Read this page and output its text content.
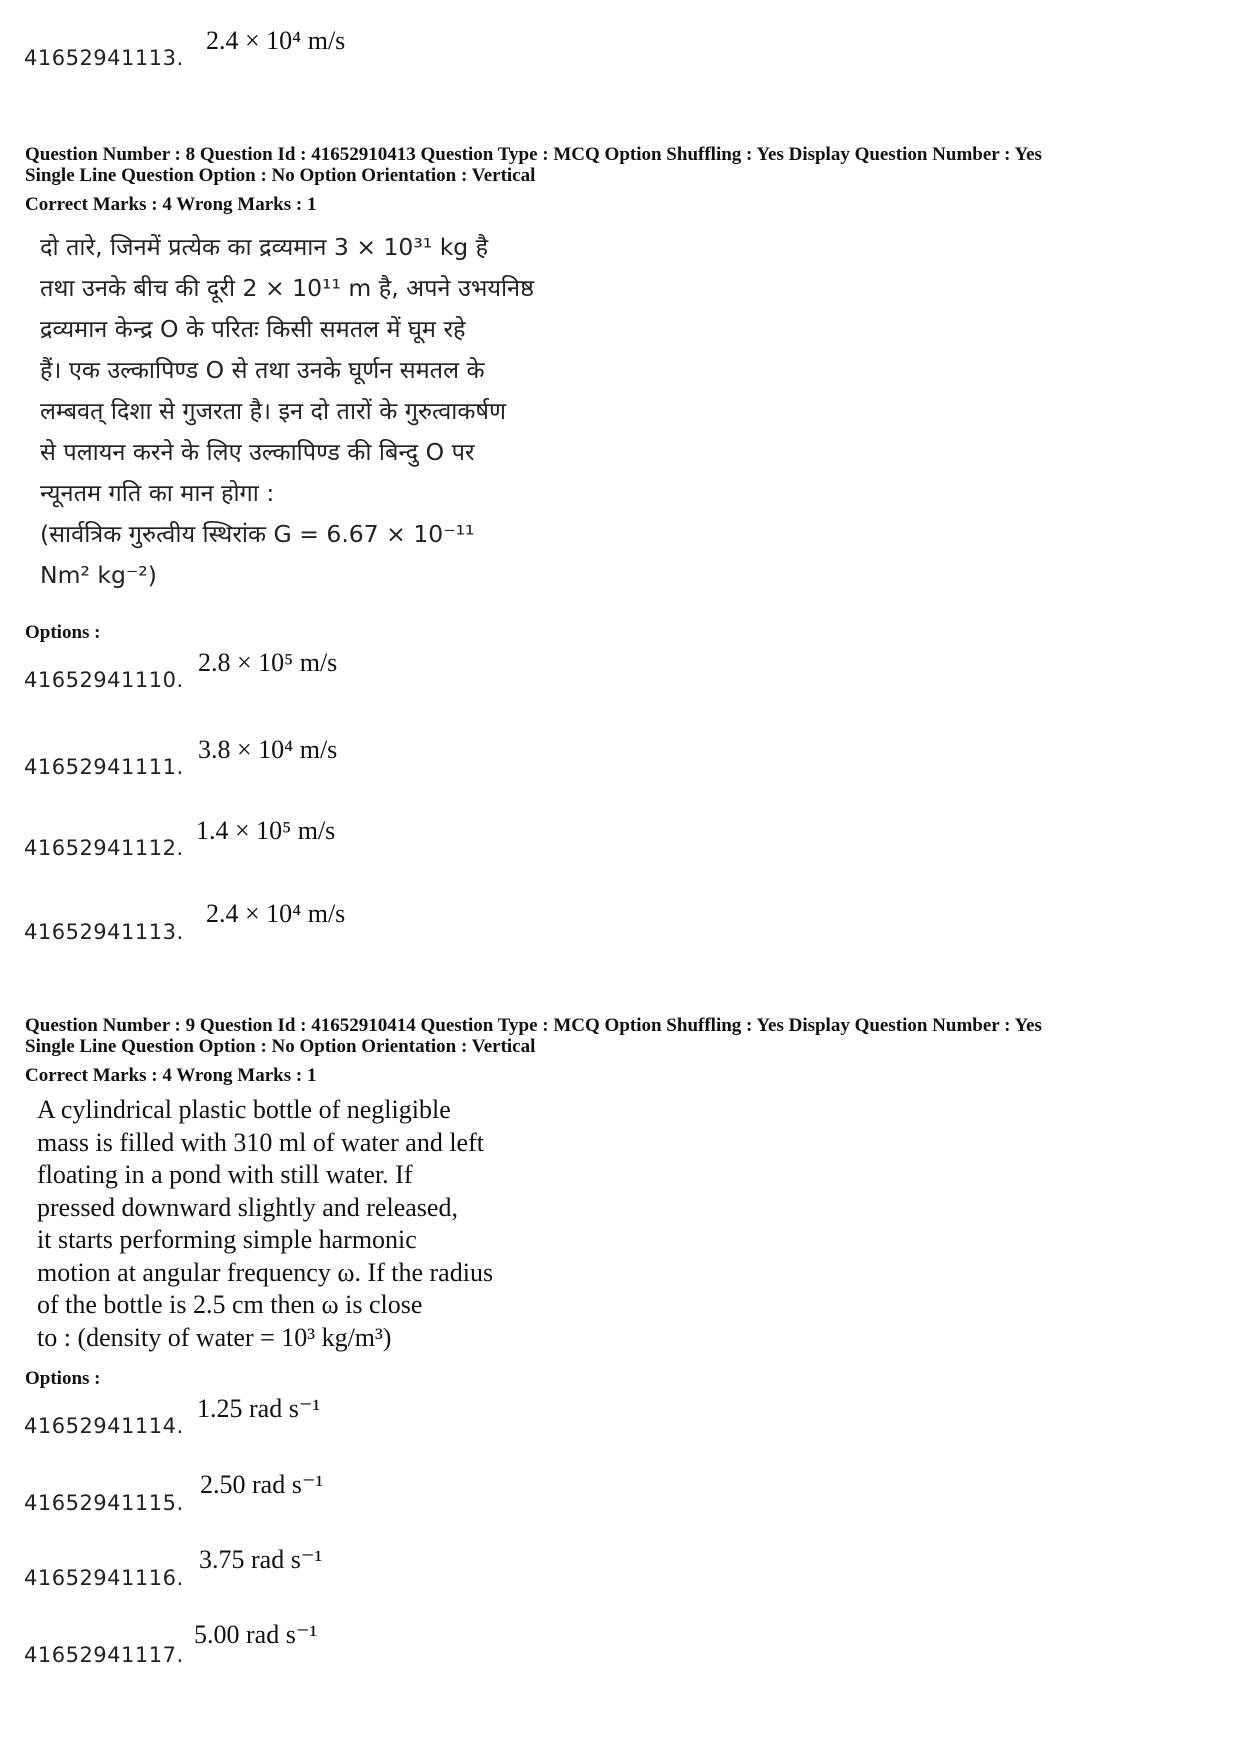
41652941113.
2.4 × 10⁴ m/s
Question Number : 8 Question Id : 41652910413 Question Type : MCQ Option Shuffling : Yes Display Question Number : Yes
Single Line Question Option : No Option Orientation : Vertical
Correct Marks : 4 Wrong Marks : 1

दो तारे, जिनमें प्रत्येक का द्रव्यमान 3 × 10³¹ kg है

तथा उनके बीच की दूरी 2 × 10¹¹ m है, अपने उभयनिष्ठ

द्रव्यमान केन्द्र O के परितः किसी समतल में घूम रहे

हैं। एक उल्कापिण्ड O से तथा उनके घूर्णन समतल के

लम्बवत् दिशा से गुजरता है। इन दो तारों के गुरुत्वाकर्षण

से पलायन करने के लिए उल्कापिण्ड की बिन्दु O पर

न्यूनतम गति का मान होगा :

(सार्वत्रिक गुरुत्वीय स्थिरांक G = 6.67 × 10⁻¹¹

Nm² kg⁻²)

Options :
41652941110.
2.8 × 10⁵ m/s
41652941111.
3.8 × 10⁴ m/s
41652941112.
1.4 × 10⁵ m/s
41652941113.
2.4 × 10⁴ m/s
Question Number : 9 Question Id : 41652910414 Question Type : MCQ Option Shuffling : Yes Display Question Number : Yes
Single Line Question Option : No Option Orientation : Vertical
Correct Marks : 4 Wrong Marks : 1

A cylindrical plastic bottle of negligible

mass is filled with 310 ml of water and left

floating in a pond with still water. If

pressed downward slightly and released,

it starts performing simple harmonic

motion at angular frequency ω. If the radius

of the bottle is 2.5 cm then ω is close

to : (density of water = 10³ kg/m³)

Options :
41652941114.
1.25 rad s⁻¹
41652941115.
2.50 rad s⁻¹
41652941116.
3.75 rad s⁻¹
41652941117.
5.00 rad s⁻¹
